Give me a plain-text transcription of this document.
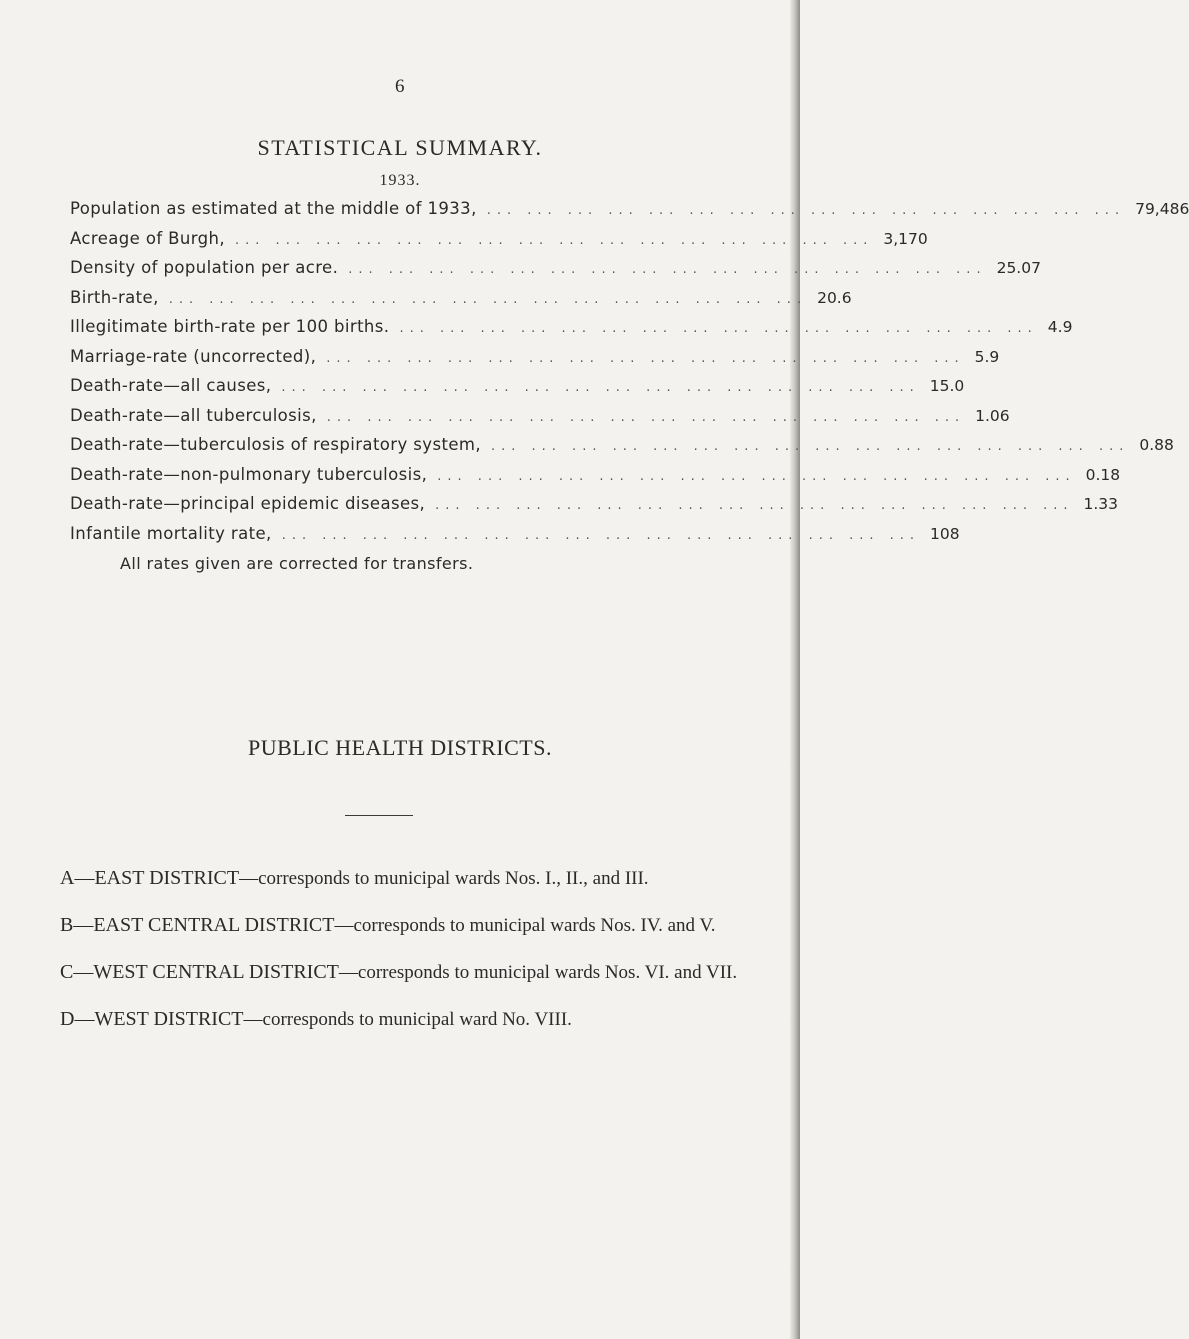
6
STATISTICAL SUMMARY.
1933.
Population as estimated at the middle of 1933, ... ... ... ... ... ... ... ... ... ... ... ... ... ... ... ... 79,486
Acreage of Burgh, ... ... ... ... ... ... ... ... ... ... ... ... ... ... ... ... 3,170
Density of population per acre. ... ... ... ... ... ... ... ... ... ... ... ... ... ... ... ... 25.07
Birth-rate, ... ... ... ... ... ... ... ... ... ... ... ... ... ... ... ... 20.6
Illegitimate birth-rate per 100 births. ... ... ... ... ... ... ... ... ... ... ... ... ... ... ... ... 4.9
Marriage-rate (uncorrected), ... ... ... ... ... ... ... ... ... ... ... ... ... ... ... ... 5.9
Death-rate—all causes, ... ... ... ... ... ... ... ... ... ... ... ... ... ... ... ... 15.0
Death-rate—all tuberculosis, ... ... ... ... ... ... ... ... ... ... ... ... ... ... ... ... 1.06
Death-rate—tuberculosis of respiratory system, ... ... ... ... ... ... ... ... ... ... ... ... ... ... ... ... 0.88
Death-rate—non-pulmonary tuberculosis, ... ... ... ... ... ... ... ... ... ... ... ... ... ... ... ... 0.18
Death-rate—principal epidemic diseases, ... ... ... ... ... ... ... ... ... ... ... ... ... ... ... ... 1.33
Infantile mortality rate, ... ... ... ... ... ... ... ... ... ... ... ... ... ... ... ... 108
All rates given are corrected for transfers.
PUBLIC HEALTH DISTRICTS.
A—EAST DISTRICT—corresponds to municipal wards Nos. I., II., and III.
B—EAST CENTRAL DISTRICT—corresponds to municipal wards Nos. IV. and V.
C—WEST CENTRAL DISTRICT—corresponds to municipal wards Nos. VI. and VII.
D—WEST DISTRICT—corresponds to municipal ward No. VIII.
